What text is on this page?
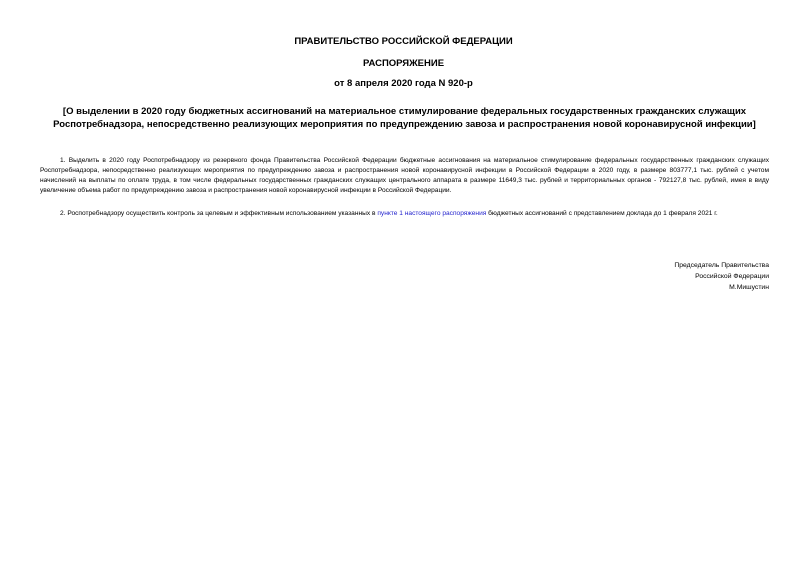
ПРАВИТЕЛЬСТВО РОССИЙСКОЙ ФЕДЕРАЦИИ
РАСПОРЯЖЕНИЕ
от 8 апреля 2020 года N 920-р
[О выделении в 2020 году бюджетных ассигнований на материальное стимулирование федеральных государственных гражданских служащих Роспотребнадзора, непосредственно реализующих мероприятия по предупреждению завоза и распространения новой коронавирусной инфекции]
1. Выделить в 2020 году Роспотребнадзору из резервного фонда Правительства Российской Федерации бюджетные ассигнования на материальное стимулирование федеральных государственных гражданских служащих Роспотребнадзора, непосредственно реализующих мероприятия по предупреждению завоза и распространения новой коронавирусной инфекции в Российской Федерации в 2020 году, в размере 803777,1 тыс. рублей с учетом начислений на выплаты по оплате труда, в том числе федеральных государственных гражданских служащих центрального аппарата в размере 11649,3 тыс. рублей и территориальных органов - 792127,8 тыс. рублей, имея в виду увеличение объема работ по предупреждению завоза и распространения новой коронавирусной инфекции в Российской Федерации.
2. Роспотребнадзору осуществить контроль за целевым и эффективным использованием указанных в пункте 1 настоящего распоряжения бюджетных ассигнований с представлением доклада до 1 февраля 2021 г.
Председатель Правительства
Российской Федерации
М.Мишустин
